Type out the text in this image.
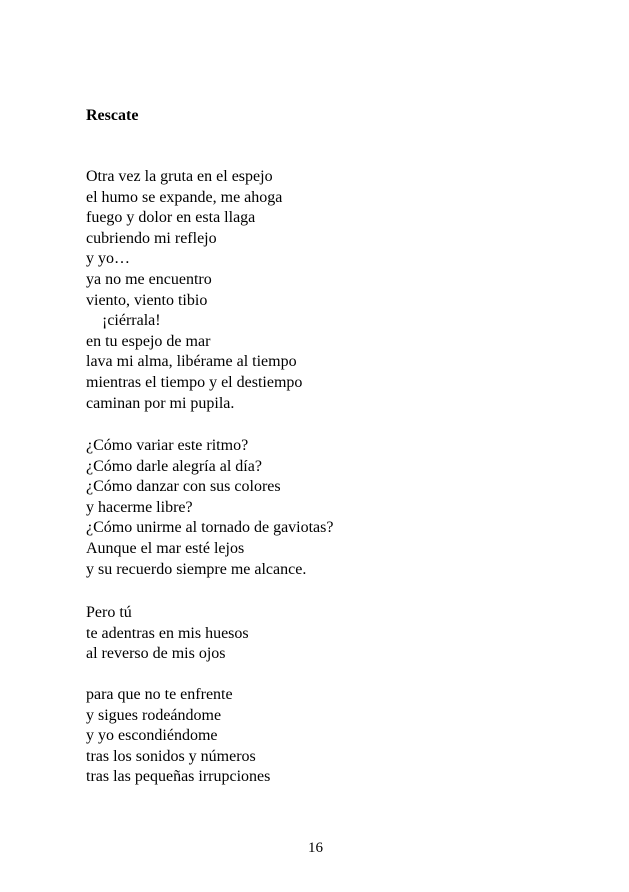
Rescate
Otra vez la gruta en el espejo
el humo se expande, me ahoga
fuego y dolor en esta llaga
cubriendo mi reflejo
y yo…
ya no me encuentro
viento, viento tibio
¡ciérrala!
en tu espejo de mar
lava mi alma, libérame al tiempo
mientras el tiempo y el destiempo
caminan por mi pupila.
¿Cómo variar este ritmo?
¿Cómo darle alegría al día?
¿Cómo danzar con sus colores
y hacerme libre?
¿Cómo unirme al tornado de gaviotas?
Aunque el mar esté lejos
y su recuerdo siempre me alcance.
Pero tú
te adentras en mis huesos
al reverso de mis ojos
para que no te enfrente
y sigues rodeándome
y yo escondiéndome
tras los sonidos y números
tras las pequeñas irrupciones

16
